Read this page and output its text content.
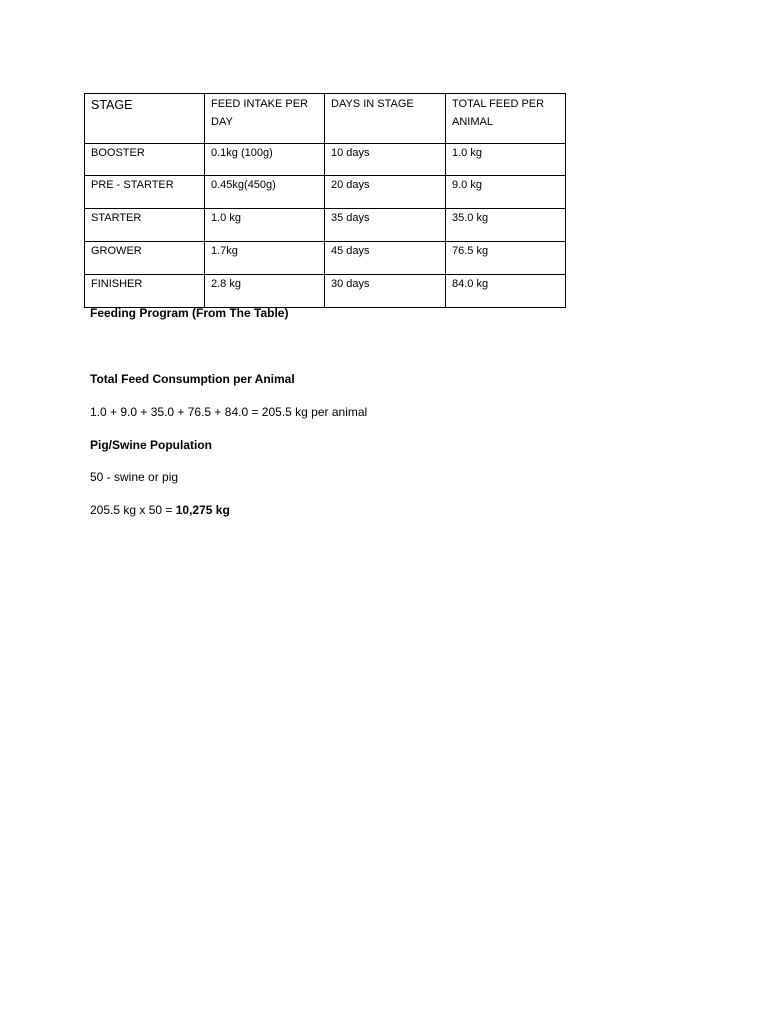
STAGE	FEED INTAKE PER DAY	DAYS IN STAGE	TOTAL FEED PER ANIMAL
BOOSTER	0.1kg (100g)	10 days	1.0 kg
PRE - STARTER	0.45kg(450g)	20 days	9.0 kg
STARTER	1.0 kg	35 days	35.0 kg
GROWER	1.7kg	45 days	76.5 kg
FINISHER	2.8 kg	30 days	84.0 kg
Feeding Program (From The Table)
Total Feed Consumption per Animal
1.0 + 9.0 + 35.0 + 76.5 + 84.0 = 205.5 kg per animal
Pig/Swine Population
50 - swine or pig
205.5 kg x 50 = 10,275 kg
